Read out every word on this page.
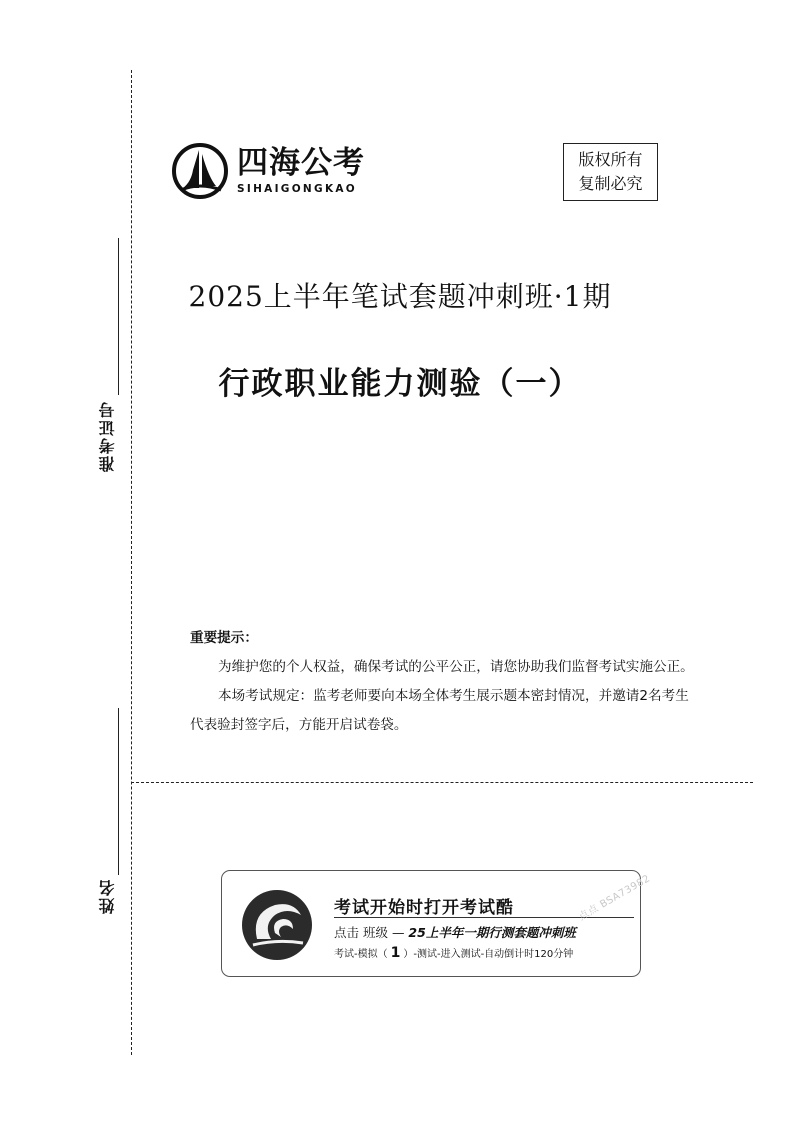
准考证号
姓名
四海公考
SIHAIGONGKAO
版权所有
复制必究
2025上半年笔试套题冲刺班·1期
行政职业能力测验（一）
重要提示：

为维护您的个人权益，确保考试的公平公正，请您协助我们监督考试实施公正。

本场考试规定：监考老师要向本场全体考生展示题本密封情况，并邀请2名考生代表验封签字后，方能开启试卷袋。

考试开始时打开考试酷
点击 班级 — 25上半年一期行测套题冲刺班
考试-模拟（ 1 ）-测试-进入测试-自动倒计时120分钟
点点 BSA73982
